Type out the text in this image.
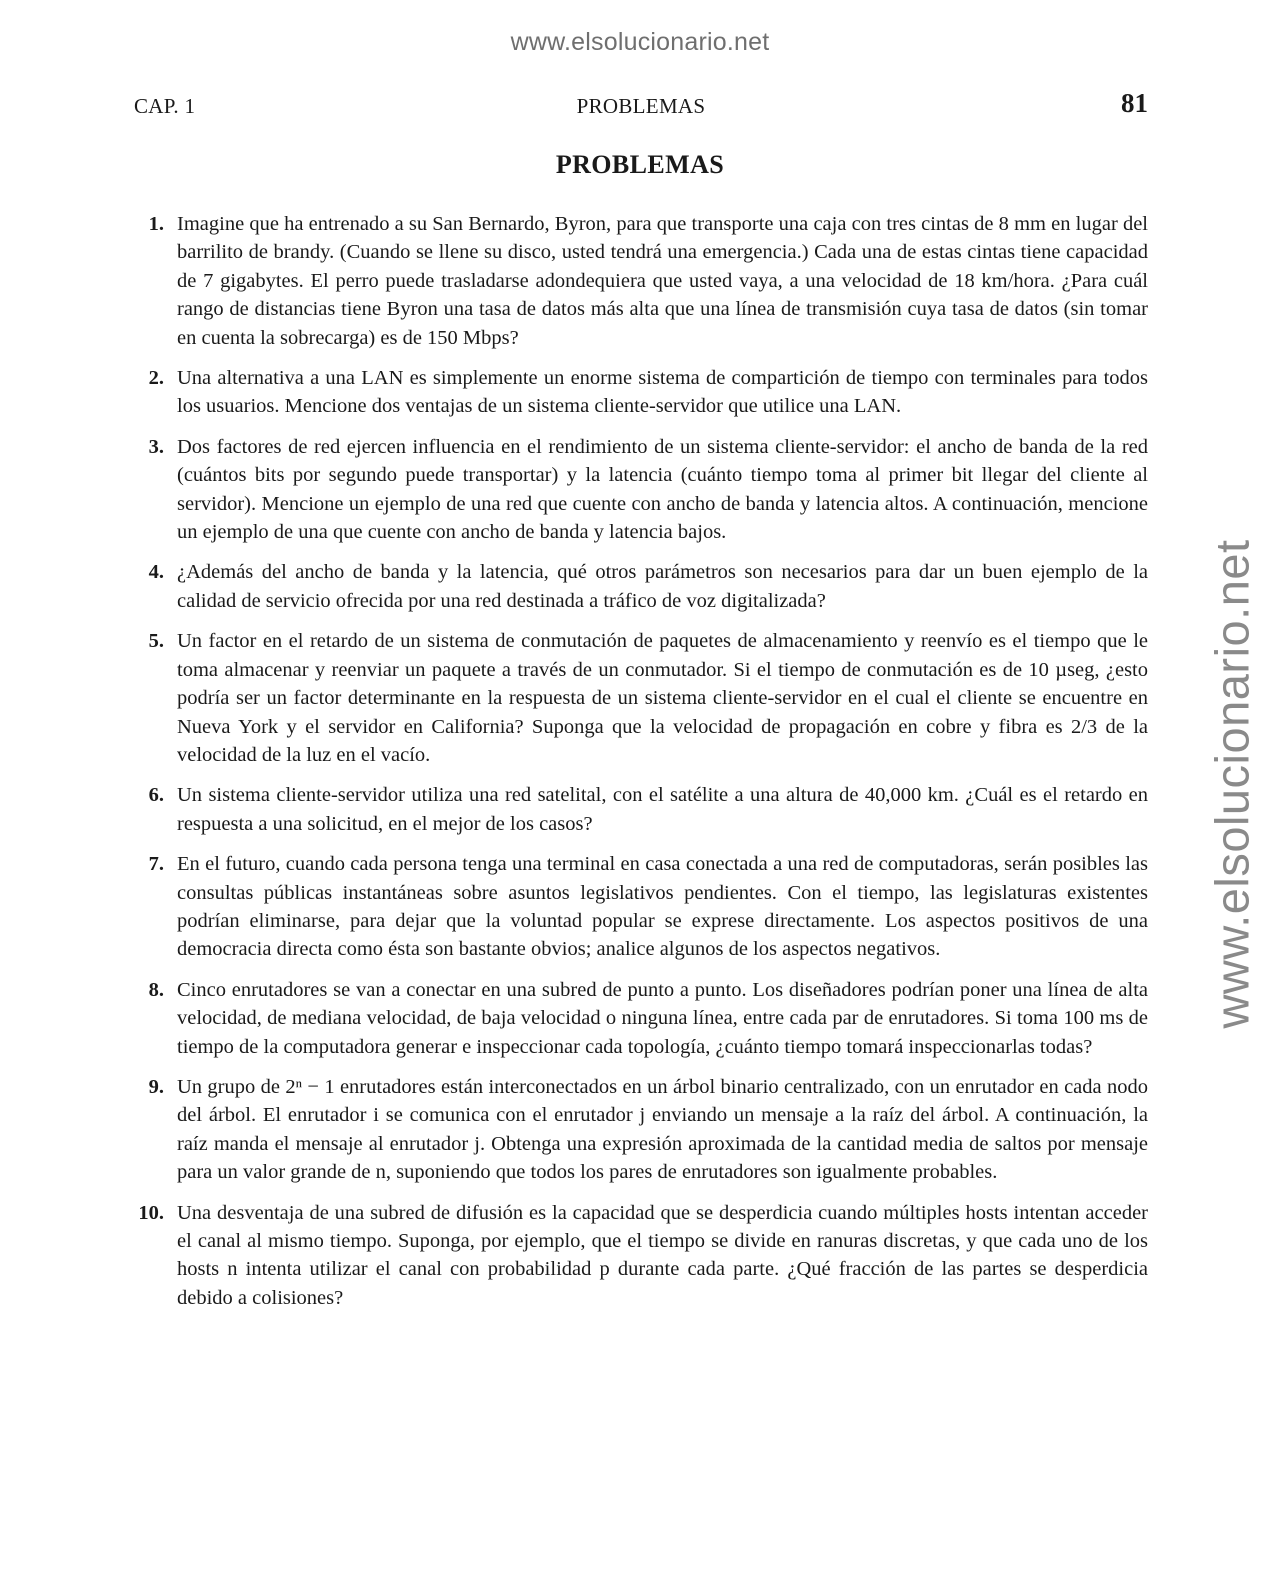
www.elsolucionario.net
www.elsolucionario.net
CAP. 1	PROBLEMAS	81
PROBLEMAS
1. Imagine que ha entrenado a su San Bernardo, Byron, para que transporte una caja con tres cintas de 8 mm en lugar del barrilito de brandy. (Cuando se llene su disco, usted tendrá una emergencia.) Cada una de estas cintas tiene capacidad de 7 gigabytes. El perro puede trasladarse adondequiera que usted vaya, a una velocidad de 18 km/hora. ¿Para cuál rango de distancias tiene Byron una tasa de datos más alta que una línea de transmisión cuya tasa de datos (sin tomar en cuenta la sobrecarga) es de 150 Mbps?
2. Una alternativa a una LAN es simplemente un enorme sistema de compartición de tiempo con terminales para todos los usuarios. Mencione dos ventajas de un sistema cliente-servidor que utilice una LAN.
3. Dos factores de red ejercen influencia en el rendimiento de un sistema cliente-servidor: el ancho de banda de la red (cuántos bits por segundo puede transportar) y la latencia (cuánto tiempo toma al primer bit llegar del cliente al servidor). Mencione un ejemplo de una red que cuente con ancho de banda y latencia altos. A continuación, mencione un ejemplo de una que cuente con ancho de banda y latencia bajos.
4. ¿Además del ancho de banda y la latencia, qué otros parámetros son necesarios para dar un buen ejemplo de la calidad de servicio ofrecida por una red destinada a tráfico de voz digitalizada?
5. Un factor en el retardo de un sistema de conmutación de paquetes de almacenamiento y reenvío es el tiempo que le toma almacenar y reenviar un paquete a través de un conmutador. Si el tiempo de conmutación es de 10 µseg, ¿esto podría ser un factor determinante en la respuesta de un sistema cliente-servidor en el cual el cliente se encuentre en Nueva York y el servidor en California? Suponga que la velocidad de propagación en cobre y fibra es 2/3 de la velocidad de la luz en el vacío.
6. Un sistema cliente-servidor utiliza una red satelital, con el satélite a una altura de 40,000 km. ¿Cuál es el retardo en respuesta a una solicitud, en el mejor de los casos?
7. En el futuro, cuando cada persona tenga una terminal en casa conectada a una red de computadoras, serán posibles las consultas públicas instantáneas sobre asuntos legislativos pendientes. Con el tiempo, las legislaturas existentes podrían eliminarse, para dejar que la voluntad popular se exprese directamente. Los aspectos positivos de una democracia directa como ésta son bastante obvios; analice algunos de los aspectos negativos.
8. Cinco enrutadores se van a conectar en una subred de punto a punto. Los diseñadores podrían poner una línea de alta velocidad, de mediana velocidad, de baja velocidad o ninguna línea, entre cada par de enrutadores. Si toma 100 ms de tiempo de la computadora generar e inspeccionar cada topología, ¿cuánto tiempo tomará inspeccionarlas todas?
9. Un grupo de 2ⁿ − 1 enrutadores están interconectados en un árbol binario centralizado, con un enrutador en cada nodo del árbol. El enrutador i se comunica con el enrutador j enviando un mensaje a la raíz del árbol. A continuación, la raíz manda el mensaje al enrutador j. Obtenga una expresión aproximada de la cantidad media de saltos por mensaje para un valor grande de n, suponiendo que todos los pares de enrutadores son igualmente probables.
10. Una desventaja de una subred de difusión es la capacidad que se desperdicia cuando múltiples hosts intentan acceder el canal al mismo tiempo. Suponga, por ejemplo, que el tiempo se divide en ranuras discretas, y que cada uno de los hosts n intenta utilizar el canal con probabilidad p durante cada parte. ¿Qué fracción de las partes se desperdicia debido a colisiones?
